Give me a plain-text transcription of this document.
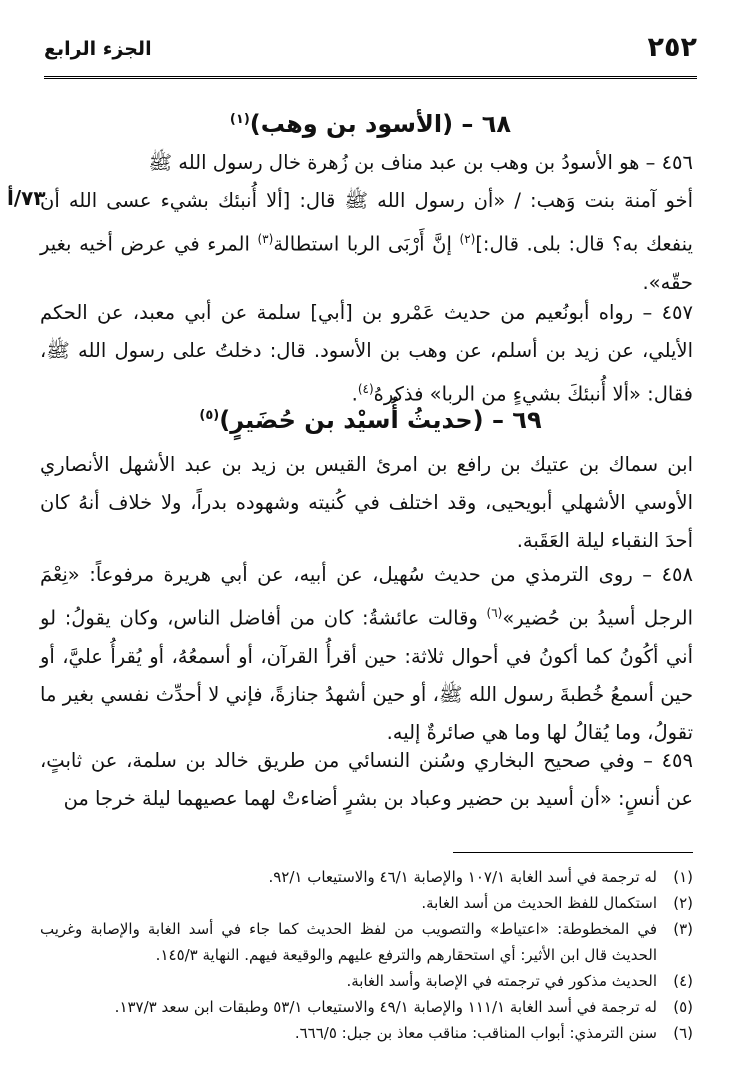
٢٥٢
الجزء الرابع
٦٨ – (الأسود بن وهب)$^{(١)}$
٤٥٦ – هو الأسودُ بن وهب بن عبد مناف بن زُهرة خال رسول الله ﷺ
أخو آمنة بنت وَهب: / «أن رسول الله ﷺ قال: [ألا أُنبئك بشيء عسى الله أن ينفعك به؟ قال: بلى. قال:]$^{(٢)}$ إنَّ أَرْبَى الربا استطالة$^{(٣)}$ المرء في عرض أخيه بغير حقّه».
٧٣/أ
٤٥٧ – رواه أبونُعيم من حديث عَمْرو بن [أبي] سلمة عن أبي معبد، عن الحكم الأيلي، عن زيد بن أسلم، عن وهب بن الأسود. قال: دخلتُ على رسول الله ﷺ، فقال: «ألا أُنبئكَ بشيءٍ من الربا» فذكرهُ$^{(٤)}$.
٦٩ – (حديثُ أُسيْد بن حُضَيرٍ)$^{(٥)}$
ابن سماك بن عتيك بن رافع بن امرئ القيس بن زيد بن عبد الأشهل الأنصاري الأوسي الأشهلي أبويحيى، وقد اختلف في كُنيته وشهوده بدراً، ولا خلاف أنهُ كان أحدَ النقباء ليلة العَقَبة.
٤٥٨ – روى الترمذي من حديث سُهيل، عن أبيه، عن أبي هريرة مرفوعاً: «نِعْمَ الرجل أسيدُ بن حُضير»$^{(٦)}$ وقالت عائشةُ: كان من أفاضل الناس، وكان يقولُ: لو أني أكُونُ كما أكونُ في أحوال ثلاثة: حين أقرأُ القرآن، أو أسمعُهُ، أو يُقرأُ عليَّ، أو حين أسمعُ خُطبةَ رسول الله ﷺ، أو حين أشهدُ جنازةً، فإني لا أحدِّث نفسي بغير ما تقولُ، وما يُقالُ لها وما هي صائرةٌ إليه.
٤٥٩ – وفي صحيح البخاري وسُنن النسائي من طريق خالد بن سلمة، عن ثابتٍ، عن أنسٍ: «أن أسيد بن حضير وعباد بن بشرٍ أضاءتْ لهما عصيهما ليلة خرجا من
(١)
له ترجمة في أسد الغابة ١٠٧/١ والإصابة ٤٦/١ والاستيعاب ٩٢/١.
(٢)
استكمال للفظ الحديث من أسد الغابة.
(٣)
في المخطوطة: «اعتياط» والتصويب من لفظ الحديث كما جاء في أسد الغابة والإصابة وغريب الحديث قال ابن الأثير: أي استحقارهم والترفع عليهم والوقيعة فيهم. النهاية ١٤٥/٣.
(٤)
الحديث مذكور في ترجمته في الإصابة وأسد الغابة.
(٥)
له ترجمة في أسد الغابة ١١١/١ والإصابة ٤٩/١ والاستيعاب ٥٣/١ وطبقات ابن سعد ١٣٧/٣.
(٦)
سنن الترمذي: أبواب المناقب: مناقب معاذ بن جبل: ٦٦٦/٥.
